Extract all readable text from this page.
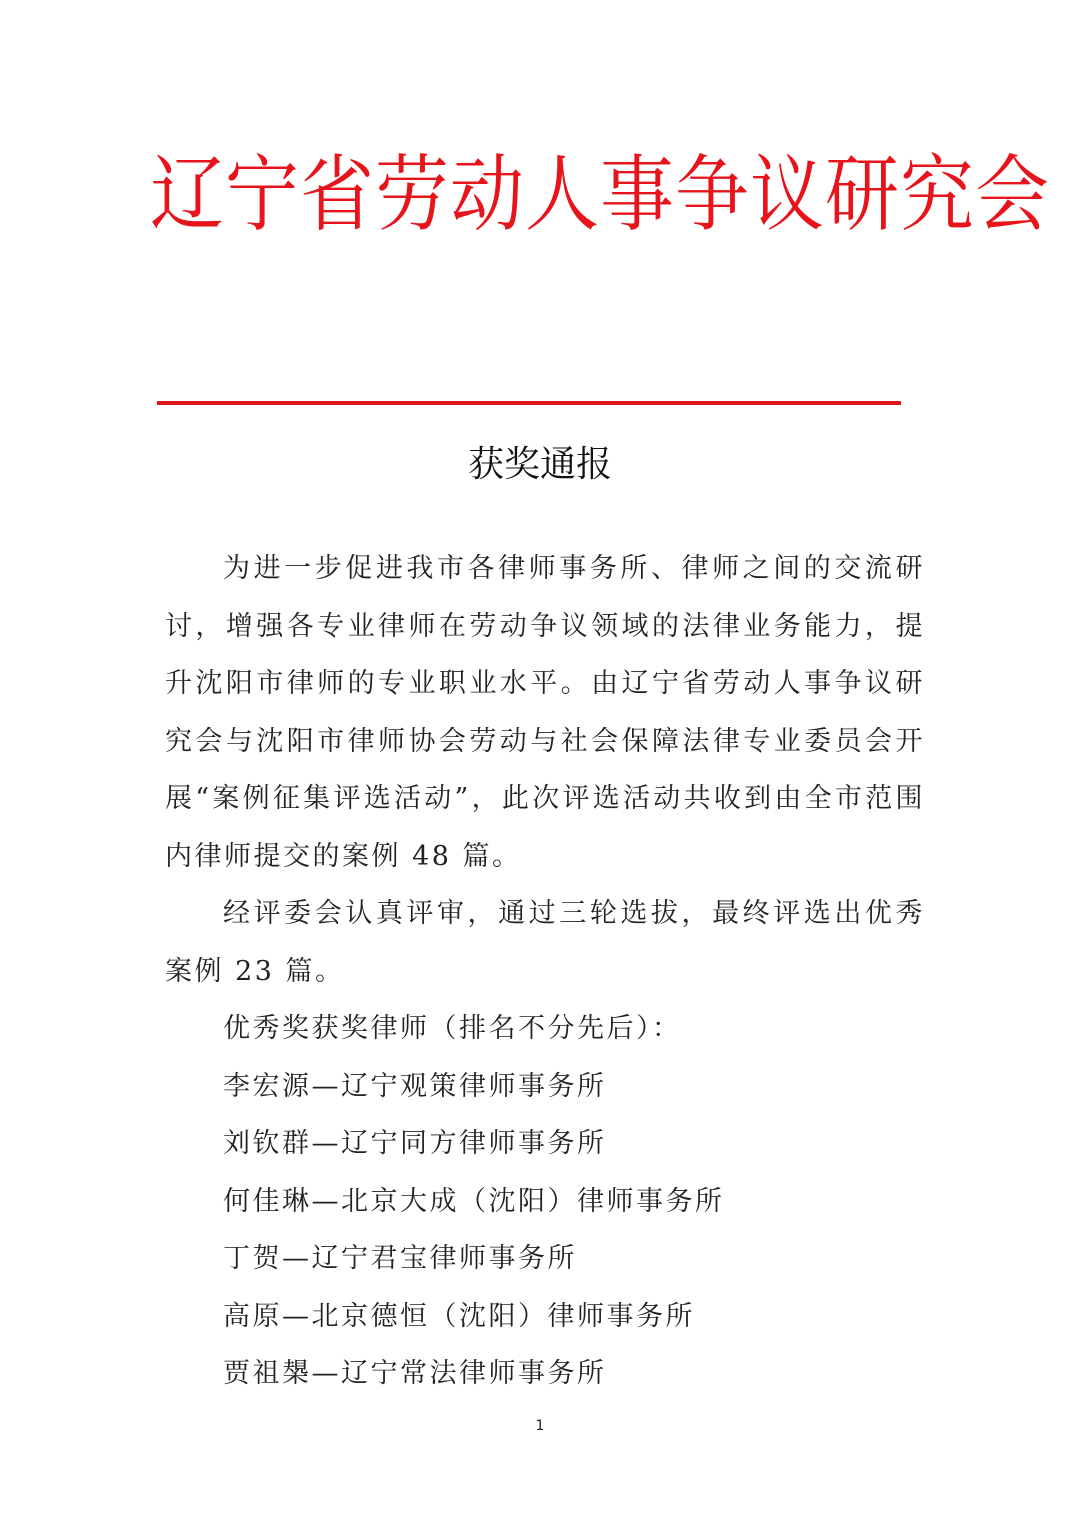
辽宁省劳动人事争议研究会
获奖通报

为进一步促进我市各律师事务所、律师之间的交流研讨，增强各专业律师在劳动争议领域的法律业务能力，提升沈阳市律师的专业职业水平。由辽宁省劳动人事争议研究会与沈阳市律师协会劳动与社会保障法律专业委员会开展“案例征集评选活动”，此次评选活动共收到由全市范围内律师提交的案例 48 篇。

经评委会认真评审，通过三轮选拔，最终评选出优秀案例 23 篇。

优秀奖获奖律师（排名不分先后）：

李宏源—辽宁观策律师事务所

刘钦群—辽宁同方律师事务所

何佳琳—北京大成（沈阳）律师事务所

丁贺—辽宁君宝律师事务所

高原—北京德恒（沈阳）律师事务所

贾祖槼—辽宁常法律师事务所

1
